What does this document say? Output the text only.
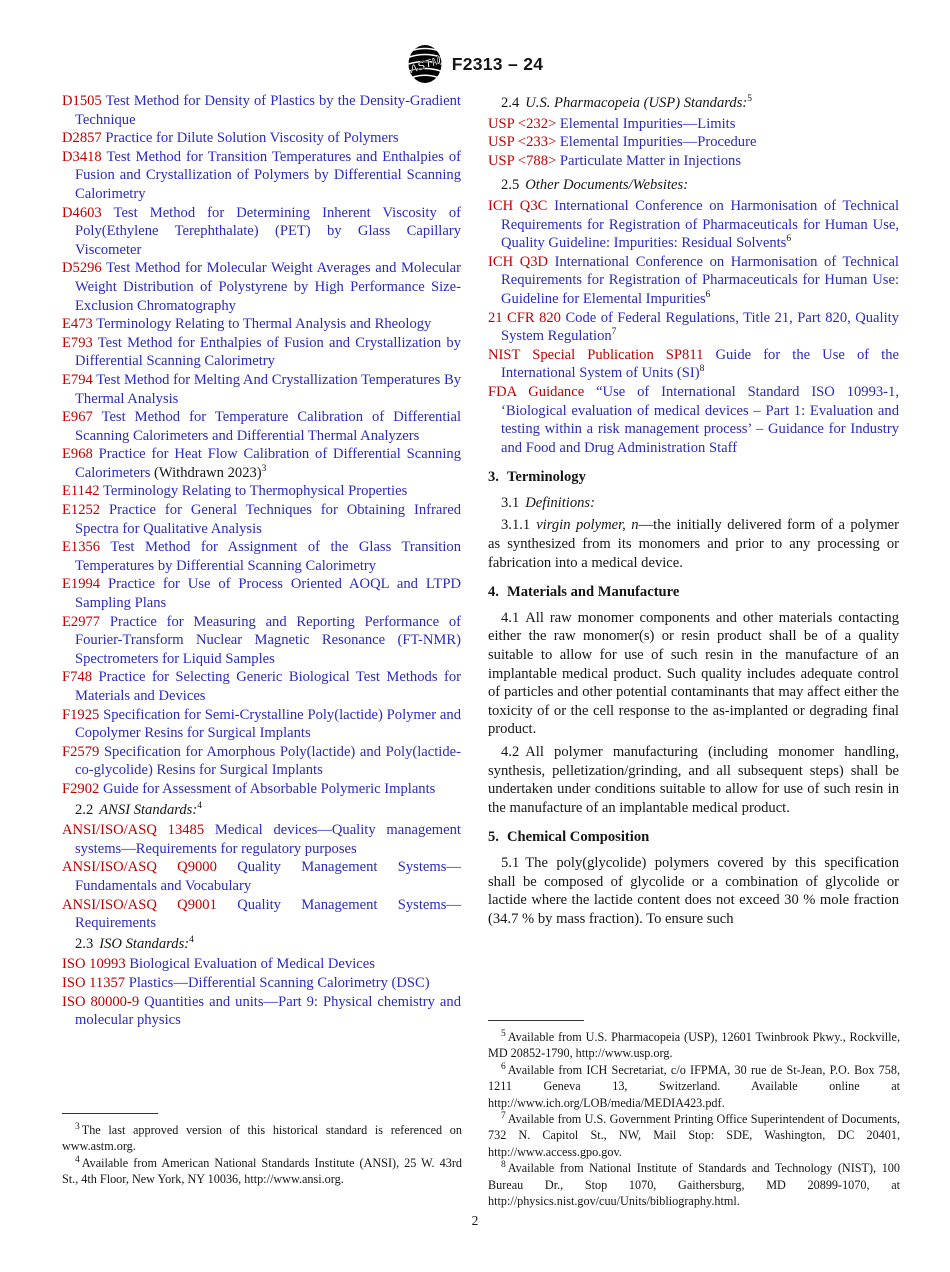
ASTM F2313 – 24

D1505 Test Method for Density of Plastics by the Density-Gradient Technique

D2857 Practice for Dilute Solution Viscosity of Polymers

D3418 Test Method for Transition Temperatures and Enthalpies of Fusion and Crystallization of Polymers by Differential Scanning Calorimetry

D4603 Test Method for Determining Inherent Viscosity of Poly(Ethylene Terephthalate) (PET) by Glass Capillary Viscometer

D5296 Test Method for Molecular Weight Averages and Molecular Weight Distribution of Polystyrene by High Performance Size-Exclusion Chromatography

E473 Terminology Relating to Thermal Analysis and Rheology

E793 Test Method for Enthalpies of Fusion and Crystallization by Differential Scanning Calorimetry

E794 Test Method for Melting And Crystallization Temperatures By Thermal Analysis

E967 Test Method for Temperature Calibration of Differential Scanning Calorimeters and Differential Thermal Analyzers

E968 Practice for Heat Flow Calibration of Differential Scanning Calorimeters (Withdrawn 2023)$^3$

E1142 Terminology Relating to Thermophysical Properties

E1252 Practice for General Techniques for Obtaining Infrared Spectra for Qualitative Analysis

E1356 Test Method for Assignment of the Glass Transition Temperatures by Differential Scanning Calorimetry

E1994 Practice for Use of Process Oriented AOQL and LTPD Sampling Plans

E2977 Practice for Measuring and Reporting Performance of Fourier-Transform Nuclear Magnetic Resonance (FT-NMR) Spectrometers for Liquid Samples

F748 Practice for Selecting Generic Biological Test Methods for Materials and Devices

F1925 Specification for Semi-Crystalline Poly(lactide) Polymer and Copolymer Resins for Surgical Implants

F2579 Specification for Amorphous Poly(lactide) and Poly(lactide-co-glycolide) Resins for Surgical Implants

F2902 Guide for Assessment of Absorbable Polymeric Implants

2.2 ANSI Standards:$^4$

ANSI/ISO/ASQ 13485 Medical devices—Quality management systems—Requirements for regulatory purposes

ANSI/ISO/ASQ Q9000 Quality Management Systems—Fundamentals and Vocabulary

ANSI/ISO/ASQ Q9001 Quality Management Systems—Requirements

2.3 ISO Standards:$^4$

ISO 10993 Biological Evaluation of Medical Devices

ISO 11357 Plastics—Differential Scanning Calorimetry (DSC)

ISO 80000-9 Quantities and units—Part 9: Physical chemistry and molecular physics

2.4 U.S. Pharmacopeia (USP) Standards:$^5$

USP <232> Elemental Impurities—Limits

USP <233> Elemental Impurities—Procedure

USP <788> Particulate Matter in Injections

2.5 Other Documents/Websites:

ICH Q3C International Conference on Harmonisation of Technical Requirements for Registration of Pharmaceuticals for Human Use, Quality Guideline: Impurities: Residual Solvents$^6$

ICH Q3D International Conference on Harmonisation of Technical Requirements for Registration of Pharmaceuticals for Human Use: Guideline for Elemental Impurities$^6$

21 CFR 820 Code of Federal Regulations, Title 21, Part 820, Quality System Regulation$^7$

NIST Special Publication SP811 Guide for the Use of the International System of Units (SI)$^8$

FDA Guidance “Use of International Standard ISO 10993-1, ‘Biological evaluation of medical devices – Part 1: Evaluation and testing within a risk management process’ – Guidance for Industry and Food and Drug Administration Staff

3. Terminology

3.1 Definitions:

3.1.1 virgin polymer, n—the initially delivered form of a polymer as synthesized from its monomers and prior to any processing or fabrication into a medical device.

4. Materials and Manufacture

4.1 All raw monomer components and other materials contacting either the raw monomer(s) or resin product shall be of a quality suitable to allow for use of such resin in the manufacture of an implantable medical product. Such quality includes adequate control of particles and other potential contaminants that may affect either the toxicity of or the cell response to the as-implanted or degrading final product.

4.2 All polymer manufacturing (including monomer handling, synthesis, pelletization/grinding, and all subsequent steps) shall be undertaken under conditions suitable to allow for use of such resin in the manufacture of an implantable medical product.

5. Chemical Composition

5.1 The poly(glycolide) polymers covered by this specification shall be composed of glycolide or a combination of glycolide or lactide where the lactide content does not exceed 30 % mole fraction (34.7 % by mass fraction). To ensure such

$^3$ The last approved version of this historical standard is referenced on www.astm.org.

$^4$ Available from American National Standards Institute (ANSI), 25 W. 43rd St., 4th Floor, New York, NY 10036, http://www.ansi.org.

$^5$ Available from U.S. Pharmacopeia (USP), 12601 Twinbrook Pkwy., Rockville, MD 20852-1790, http://www.usp.org.

$^6$ Available from ICH Secretariat, c/o IFPMA, 30 rue de St-Jean, P.O. Box 758, 1211 Geneva 13, Switzerland. Available online at http://www.ich.org/LOB/media/MEDIA423.pdf.

$^7$ Available from U.S. Government Printing Office Superintendent of Documents, 732 N. Capitol St., NW, Mail Stop: SDE, Washington, DC 20401, http://www.access.gpo.gov.

$^8$ Available from National Institute of Standards and Technology (NIST), 100 Bureau Dr., Stop 1070, Gaithersburg, MD 20899-1070, at http://physics.nist.gov/cuu/Units/bibliography.html.

2
